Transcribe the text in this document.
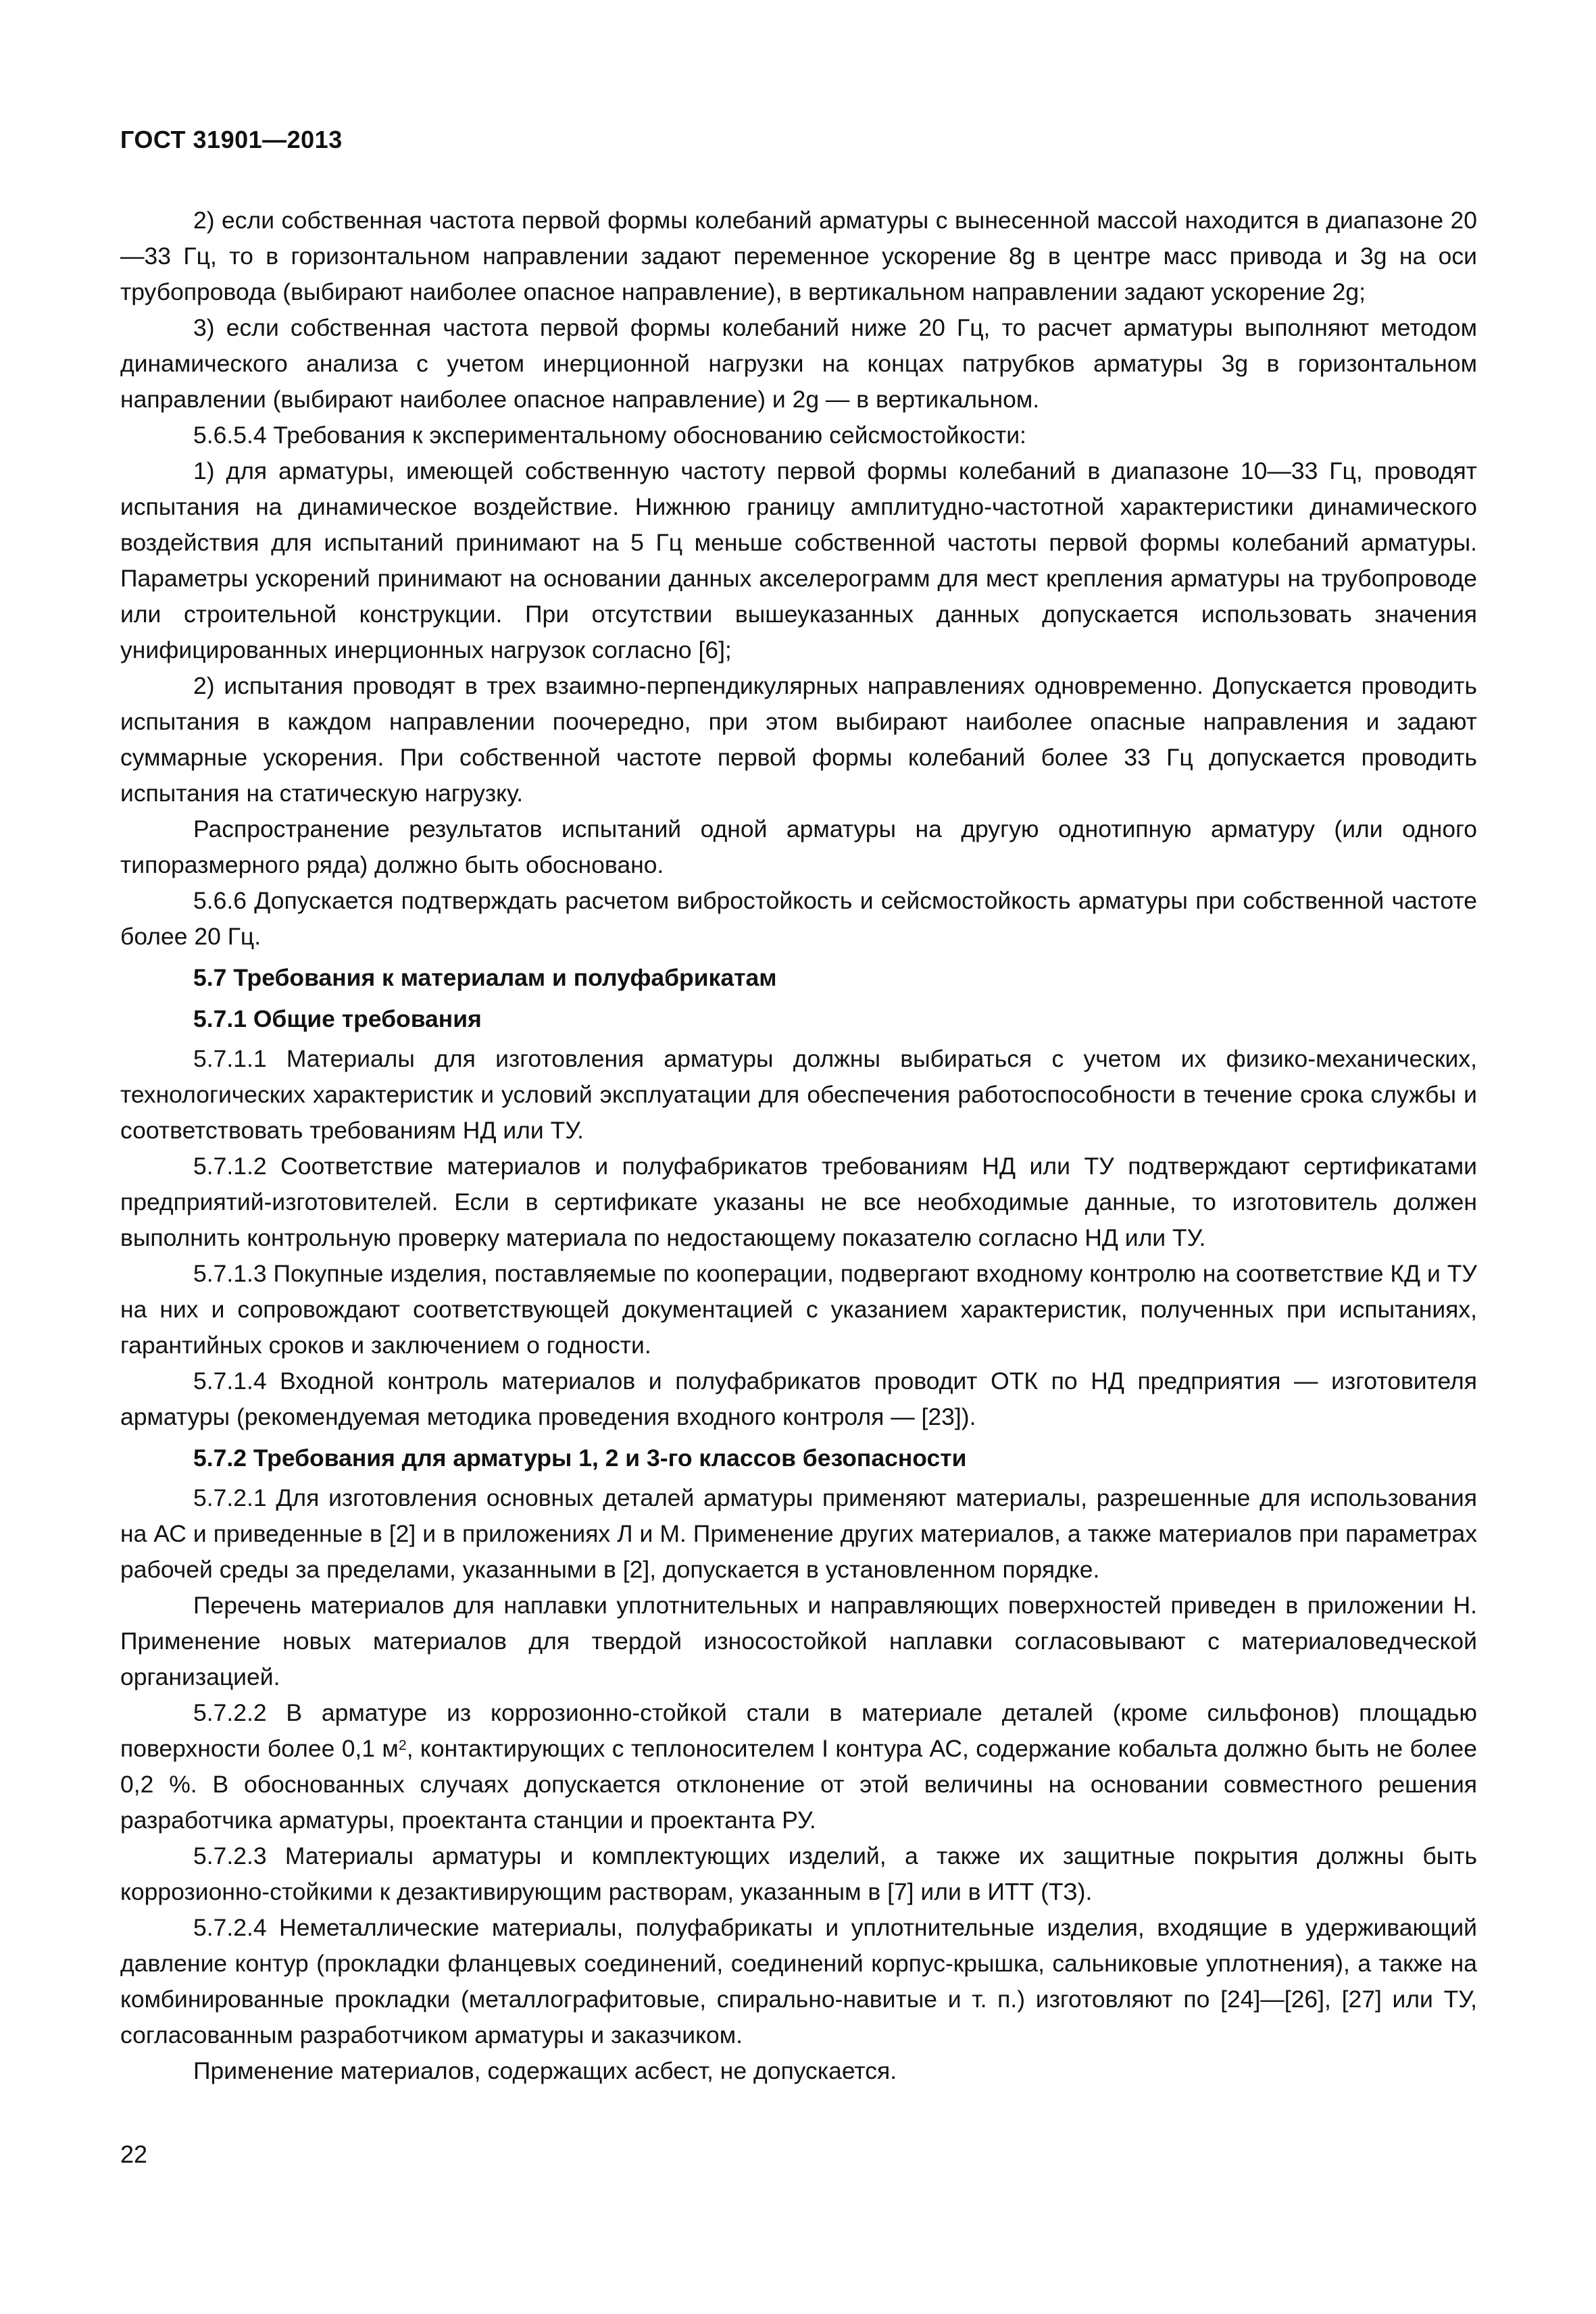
ГОСТ 31901—2013

2) если собственная частота первой формы колебаний арматуры с вынесенной массой находится в диапазоне 20—33 Гц, то в горизонтальном направлении задают переменное ускорение 8g в центре масс привода и 3g на оси трубопровода (выбирают наиболее опасное направление), в вертикальном направлении задают ускорение 2g;

3) если собственная частота первой формы колебаний ниже 20 Гц, то расчет арматуры выполняют методом динамического анализа с учетом инерционной нагрузки на концах патрубков арматуры 3g в горизонтальном направлении (выбирают наиболее опасное направление) и 2g — в вертикальном.

5.6.5.4 Требования к экспериментальному обоснованию сейсмостойкости:

1) для арматуры, имеющей собственную частоту первой формы колебаний в диапазоне 10—33 Гц, проводят испытания на динамическое воздействие. Нижнюю границу амплитудно-частотной характеристики динамического воздействия для испытаний принимают на 5 Гц меньше собственной частоты первой формы колебаний арматуры. Параметры ускорений принимают на основании данных акселерограмм для мест крепления арматуры на трубопроводе или строительной конструкции. При отсутствии вышеуказанных данных допускается использовать значения унифицированных инерционных нагрузок согласно [6];

2) испытания проводят в трех взаимно-перпендикулярных направлениях одновременно. Допускается проводить испытания в каждом направлении поочередно, при этом выбирают наиболее опасные направления и задают суммарные ускорения. При собственной частоте первой формы колебаний более 33 Гц допускается проводить испытания на статическую нагрузку.

Распространение результатов испытаний одной арматуры на другую однотипную арматуру (или одного типоразмерного ряда) должно быть обосновано.

5.6.6 Допускается подтверждать расчетом вибростойкость и сейсмостойкость арматуры при собственной частоте более 20 Гц.

5.7 Требования к материалам и полуфабрикатам

5.7.1 Общие требования

5.7.1.1 Материалы для изготовления арматуры должны выбираться с учетом их физико-механических, технологических характеристик и условий эксплуатации для обеспечения работоспособности в течение срока службы и соответствовать требованиям НД или ТУ.

5.7.1.2 Соответствие материалов и полуфабрикатов требованиям НД или ТУ подтверждают сертификатами предприятий-изготовителей. Если в сертификате указаны не все необходимые данные, то изготовитель должен выполнить контрольную проверку материала по недостающему показателю согласно НД или ТУ.

5.7.1.3 Покупные изделия, поставляемые по кооперации, подвергают входному контролю на соответствие КД и ТУ на них и сопровождают соответствующей документацией с указанием характеристик, полученных при испытаниях, гарантийных сроков и заключением о годности.

5.7.1.4 Входной контроль материалов и полуфабрикатов проводит ОТК по НД предприятия — изготовителя арматуры (рекомендуемая методика проведения входного контроля — [23]).

5.7.2 Требования для арматуры 1, 2 и 3-го классов безопасности

5.7.2.1 Для изготовления основных деталей арматуры применяют материалы, разрешенные для использования на АС и приведенные в [2] и в приложениях Л и М. Применение других материалов, а также материалов при параметрах рабочей среды за пределами, указанными в [2], допускается в установленном порядке.

Перечень материалов для наплавки уплотнительных и направляющих поверхностей приведен в приложении Н. Применение новых материалов для твердой износостойкой наплавки согласовывают с материаловедческой организацией.

5.7.2.2 В арматуре из коррозионно-стойкой стали в материале деталей (кроме сильфонов) площадью поверхности более 0,1 $м^2$, контактирующих с теплоносителем I контура АС, содержание кобальта должно быть не более 0,2 %. В обоснованных случаях допускается отклонение от этой величины на основании совместного решения разработчика арматуры, проектанта станции и проектанта РУ.

5.7.2.3 Материалы арматуры и комплектующих изделий, а также их защитные покрытия должны быть коррозионно-стойкими к дезактивирующим растворам, указанным в [7] или в ИТТ (ТЗ).

5.7.2.4 Неметаллические материалы, полуфабрикаты и уплотнительные изделия, входящие в удерживающий давление контур (прокладки фланцевых соединений, соединений корпус-крышка, сальниковые уплотнения), а также на комбинированные прокладки (металлографитовые, спирально-навитые и т. п.) изготовляют по [24]—[26], [27] или ТУ, согласованным разработчиком арматуры и заказчиком.

Применение материалов, содержащих асбест, не допускается.

22
